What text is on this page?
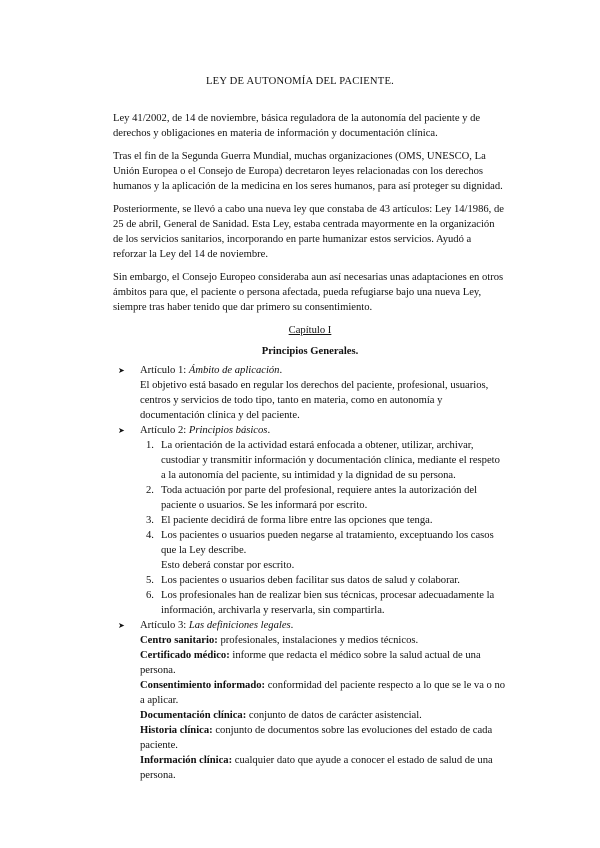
LEY DE AUTONOMÍA DEL PACIENTE.

Ley 41/2002, de 14 de noviembre, básica reguladora de la autonomía del paciente y de derechos y obligaciones en materia de información y documentación clínica.

Tras el fin de la Segunda Guerra Mundial, muchas organizaciones (OMS, UNESCO, La Unión Europea o el Consejo de Europa) decretaron leyes relacionadas con los derechos humanos y la aplicación de la medicina en los seres humanos, para así proteger su dignidad.

Posteriormente, se llevó a cabo una nueva ley que constaba de 43 artículos: Ley 14/1986, de 25 de abril, General de Sanidad. Esta Ley, estaba centrada mayormente en la organización de los servicios sanitarios, incorporando en parte humanizar estos servicios. Ayudó a reforzar la Ley del 14 de noviembre.

Sin embargo, el Consejo Europeo consideraba aun así necesarias unas adaptaciones en otros ámbitos para que, el paciente o persona afectada, pueda refugiarse bajo una nueva Ley, siempre tras haber tenido que dar primero su consentimiento.

Capítulo I
Principios Generales.
➤ Artículo 1: Ámbito de aplicación.
El objetivo está basado en regular los derechos del paciente, profesional, usuarios, centros y servicios de todo tipo, tanto en materia, como en autonomía y documentación clínica y del paciente.
➤ Artículo 2: Principios básicos.
1. La orientación de la actividad estará enfocada a obtener, utilizar, archivar, custodiar y transmitir información y documentación clínica, mediante el respeto a la autonomía del paciente, su intimidad y la dignidad de su persona.
2. Toda actuación por parte del profesional, requiere antes la autorización del paciente o usuarios. Se les informará por escrito.
3. El paciente decidirá de forma libre entre las opciones que tenga.
4. Los pacientes o usuarios pueden negarse al tratamiento, exceptuando los casos que la Ley describe.
Esto deberá constar por escrito.
5. Los pacientes o usuarios deben facilitar sus datos de salud y colaborar.
6. Los profesionales han de realizar bien sus técnicas, procesar adecuadamente la información, archivarla y reservarla, sin compartirla.
➤ Artículo 3: Las definiciones legales.
Centro sanitario: profesionales, instalaciones y medios técnicos.
Certificado médico: informe que redacta el médico sobre la salud actual de una persona.
Consentimiento informado: conformidad del paciente respecto a lo que se le va o no a aplicar.
Documentación clínica: conjunto de datos de carácter asistencial.
Historia clínica: conjunto de documentos sobre las evoluciones del estado de cada paciente.
Información clínica: cualquier dato que ayude a conocer el estado de salud de una persona.
